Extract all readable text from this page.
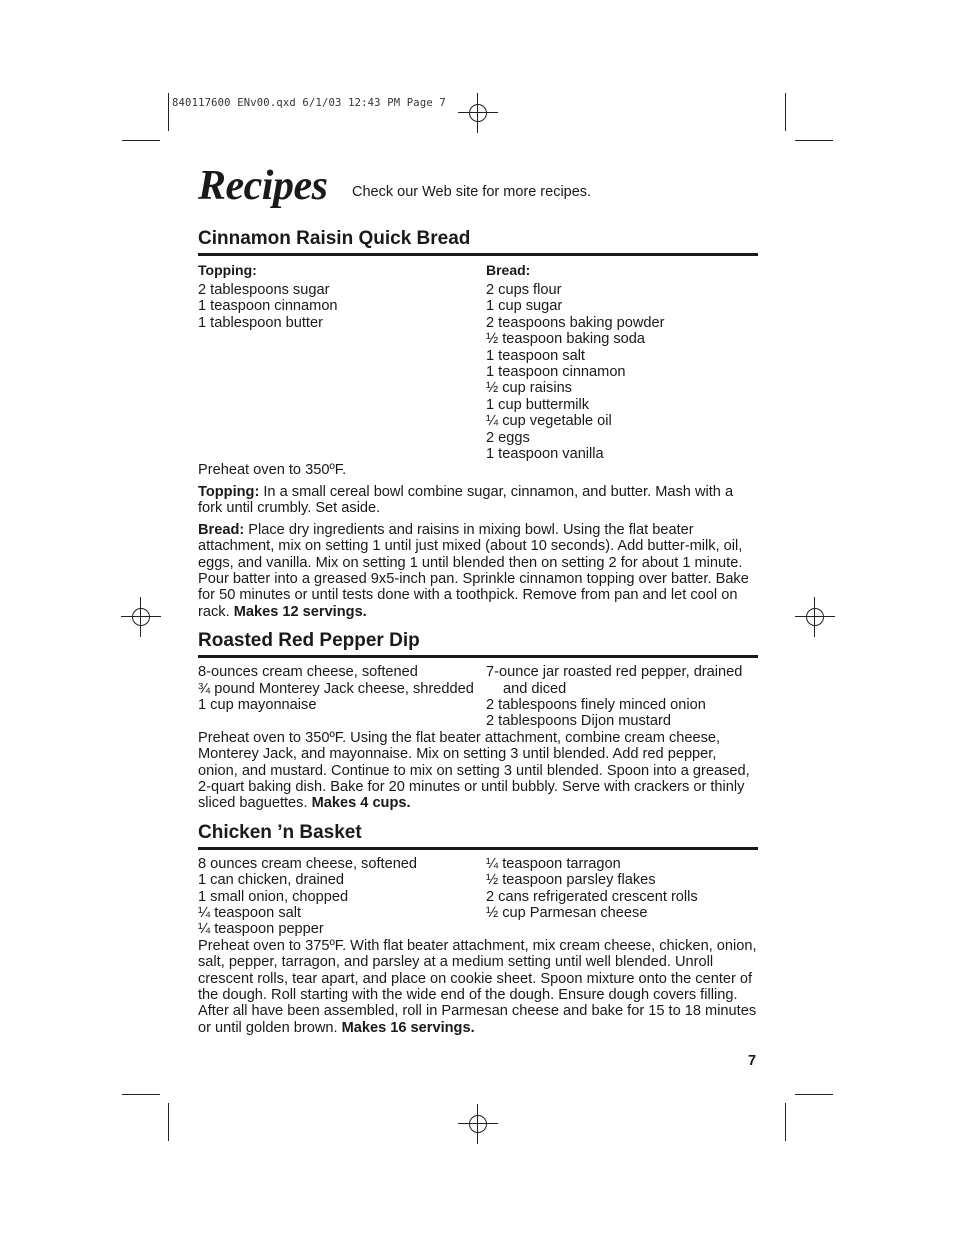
840117600 ENv00.qxd 6/1/03 12:43 PM Page 7
Recipes Check our Web site for more recipes.
Cinnamon Raisin Quick Bread
Topping:
2 tablespoons sugar
1 teaspoon cinnamon
1 tablespoon butter
Bread:
2 cups flour
1 cup sugar
2 teaspoons baking powder
½ teaspoon baking soda
1 teaspoon salt
1 teaspoon cinnamon
½ cup raisins
1 cup buttermilk
¼ cup vegetable oil
2 eggs
1 teaspoon vanilla

Preheat oven to 350ºF.

Topping: In a small cereal bowl combine sugar, cinnamon, and butter. Mash with a fork until crumbly. Set aside.

Bread: Place dry ingredients and raisins in mixing bowl. Using the flat beater attachment, mix on setting 1 until just mixed (about 10 seconds). Add butter-milk, oil, eggs, and vanilla. Mix on setting 1 until blended then on setting 2 for about 1 minute. Pour batter into a greased 9x5-inch pan. Sprinkle cinnamon topping over batter. Bake for 50 minutes or until tests done with a toothpick. Remove from pan and let cool on rack. Makes 12 servings.

Roasted Red Pepper Dip
8-ounces cream cheese, softened
¾ pound Monterey Jack cheese, shredded
1 cup mayonnaise
7-ounce jar roasted red pepper, drained and diced
2 tablespoons finely minced onion
2 tablespoons Dijon mustard

Preheat oven to 350ºF. Using the flat beater attachment, combine cream cheese, Monterey Jack, and mayonnaise. Mix on setting 3 until blended. Add red pepper, onion, and mustard. Continue to mix on setting 3 until blended. Spoon into a greased, 2-quart baking dish. Bake for 20 minutes or until bubbly. Serve with crackers or thinly sliced baguettes. Makes 4 cups.

Chicken ’n Basket
8 ounces cream cheese, softened
1 can chicken, drained
1 small onion, chopped
¼ teaspoon salt
¼ teaspoon pepper
¼ teaspoon tarragon
½ teaspoon parsley flakes
2 cans refrigerated crescent rolls
½ cup Parmesan cheese

Preheat oven to 375ºF. With flat beater attachment, mix cream cheese, chicken, onion, salt, pepper, tarragon, and parsley at a medium setting until well blended. Unroll crescent rolls, tear apart, and place on cookie sheet. Spoon mixture onto the center of the dough. Roll starting with the wide end of the dough. Ensure dough covers filling. After all have been assembled, roll in Parmesan cheese and bake for 15 to 18 minutes or until golden brown. Makes 16 servings.

7
